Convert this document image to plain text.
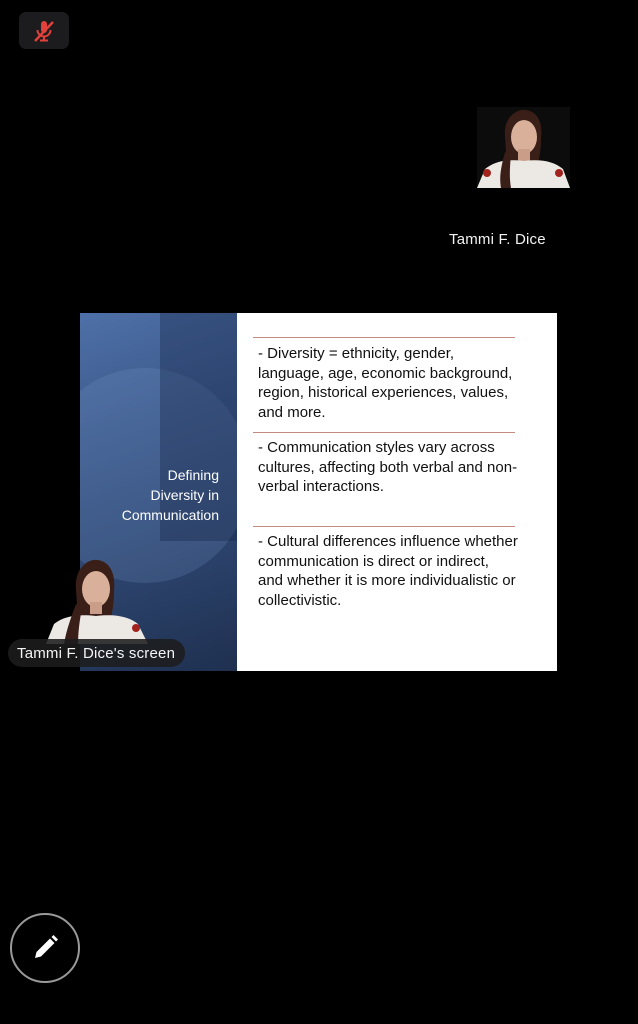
Tammi F. Dice
Defining
Diversity in
Communication
- Diversity = ethnicity, gender, language, age, economic background, region, historical experiences, values, and more.
- Communication styles vary across cultures, affecting both verbal and non-verbal interactions.
- Cultural differences influence whether communication is direct or indirect, and whether it is more individualistic or collectivistic.
Tammi F. Dice's screen
